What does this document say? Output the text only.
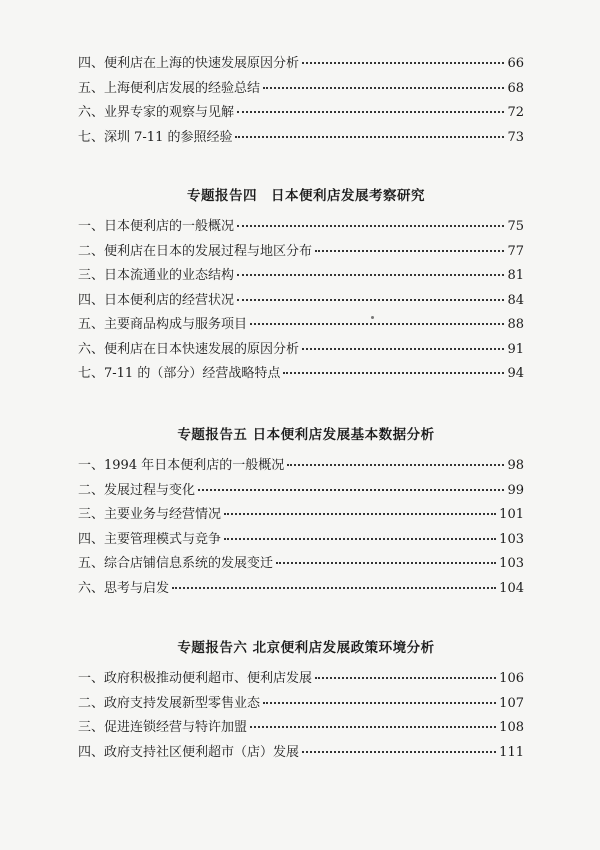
四、便利店在上海的快速发展原因分析	66
五、上海便利店发展的经验总结	68
六、业界专家的观察与见解	72
七、深圳 7-11 的参照经验	73
专题报告四　日本便利店发展考察研究
一、日本便利店的一般概况	75
二、便利店在日本的发展过程与地区分布	77
三、日本流通业的业态结构	81
四、日本便利店的经营状况	84
五、主要商品构成与服务项目	88
六、便利店在日本快速发展的原因分析	91
七、7-11 的（部分）经营战略特点	94
专题报告五 日本便利店发展基本数据分析
一、1994 年日本便利店的一般概况	98
二、发展过程与变化	99
三、主要业务与经营情况	101
四、主要管理模式与竞争	103
五、综合店铺信息系统的发展变迁	103
六、思考与启发	104
专题报告六 北京便利店发展政策环境分析
一、政府积极推动便利超市、便利店发展	106
二、政府支持发展新型零售业态	107
三、促进连锁经营与特许加盟	108
四、政府支持社区便利超市（店）发展	111
